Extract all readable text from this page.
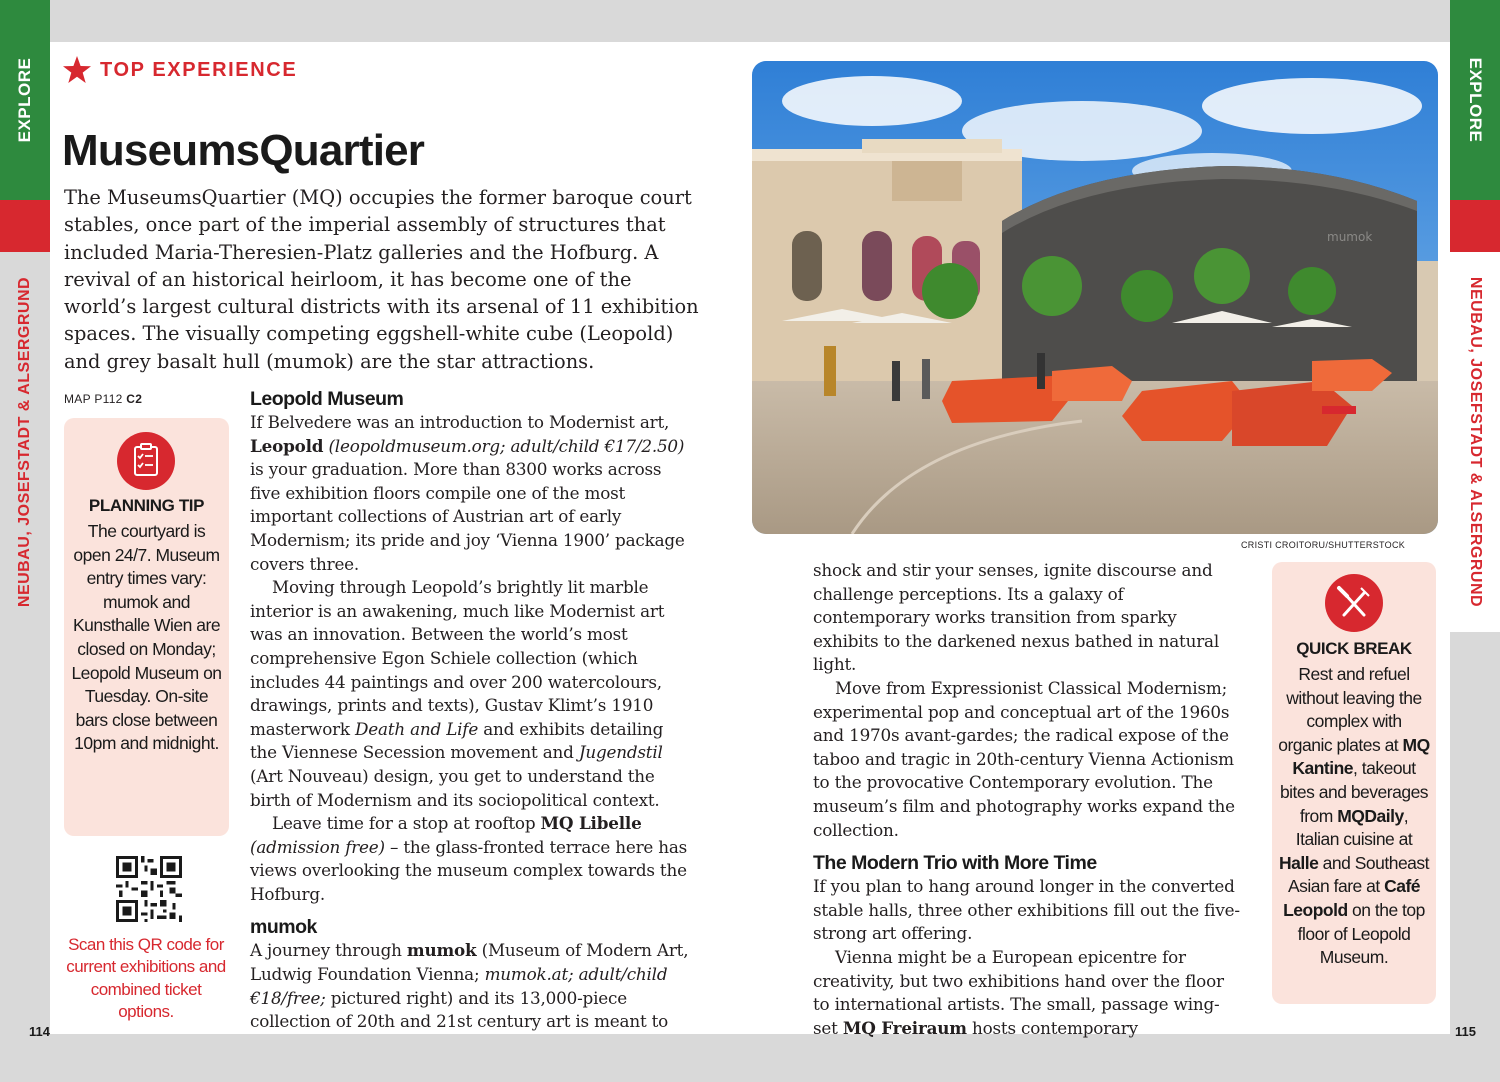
EXPLORE
NEUBAU, JOSEFSTADT & ALSERGRUND
EXPLORE
NEUBAU, JOSEFSTADT & ALSERGRUND
TOP EXPERIENCE
MuseumsQuartier

The MuseumsQuartier (MQ) occupies the former baroque court stables, once part of the imperial assembly of structures that included Maria-Theresien-Platz galleries and the Hofburg. A revival of an historical heirloom, it has become one of the world’s largest cultural districts with its arsenal of 11 exhibition spaces. The visually competing eggshell-white cube (Leopold) and grey basalt hull (mumok) are the star attractions.

MAP P112 C2
PLANNING TIP
The courtyard is open 24/7. Museum entry times vary: mumok and Kunsthalle Wien are closed on Monday; Leopold Museum on Tuesday. On-site bars close between 10pm and midnight.
Scan this QR code for current exhibitions and combined ticket options.
Leopold Museum

If Belvedere was an introduction to Modernist art, Leopold (leopoldmuseum.org; adult/child €17/2.50) is your graduation. More than 8300 works across five exhibition floors compile one of the most important collections of Austrian art of early Modernism; its pride and joy ‘Vienna 1900’ package covers three.

Moving through Leopold’s brightly lit marble interior is an awakening, much like Modernist art was an innovation. Between the world’s most comprehensive Egon Schiele collection (which includes 44 paintings and over 200 watercolours, drawings, prints and texts), Gustav Klimt’s 1910 masterwork Death and Life and exhibits detailing the Viennese Secession movement and Jugendstil (Art Nouveau) design, you get to understand the birth of Modernism and its sociopolitical context.

Leave time for a stop at rooftop MQ Libelle (admission free) – the glass-fronted terrace here has views overlooking the museum complex towards the Hofburg.

mumok

A journey through mumok (Museum of Modern Art, Ludwig Foundation Vienna; mumok.at; adult/child €18/free; pictured right) and its 13,000-piece collection of 20th and 21st century art is meant to

mumok
CRISTI CROITORU/SHUTTERSTOCK

shock and stir your senses, ignite discourse and challenge perceptions. Its a galaxy of contemporary works transition from sparky exhibits to the darkened nexus bathed in natural light.

Move from Expressionist Classical Modernism; experimental pop and conceptual art of the 1960s and 1970s avant-gardes; the radical expose of the taboo and tragic in 20th-century Vienna Actionism to the provocative Contemporary evolution. The museum’s film and photography works expand the collection.

The Modern Trio with More Time

If you plan to hang around longer in the converted stable halls, three other exhibitions fill out the five-strong art offering.

Vienna might be a European epicentre for creativity, but two exhibitions hand over the floor to international artists. The small, passage wing-set MQ Freiraum hosts contemporary

QUICK BREAK
Rest and refuel without leaving the complex with organic plates at MQ Kantine, takeout bites and beverages from MQDaily, Italian cuisine at Halle and Southeast Asian fare at Café Leopold on the top floor of Leopold Museum.
114	115
